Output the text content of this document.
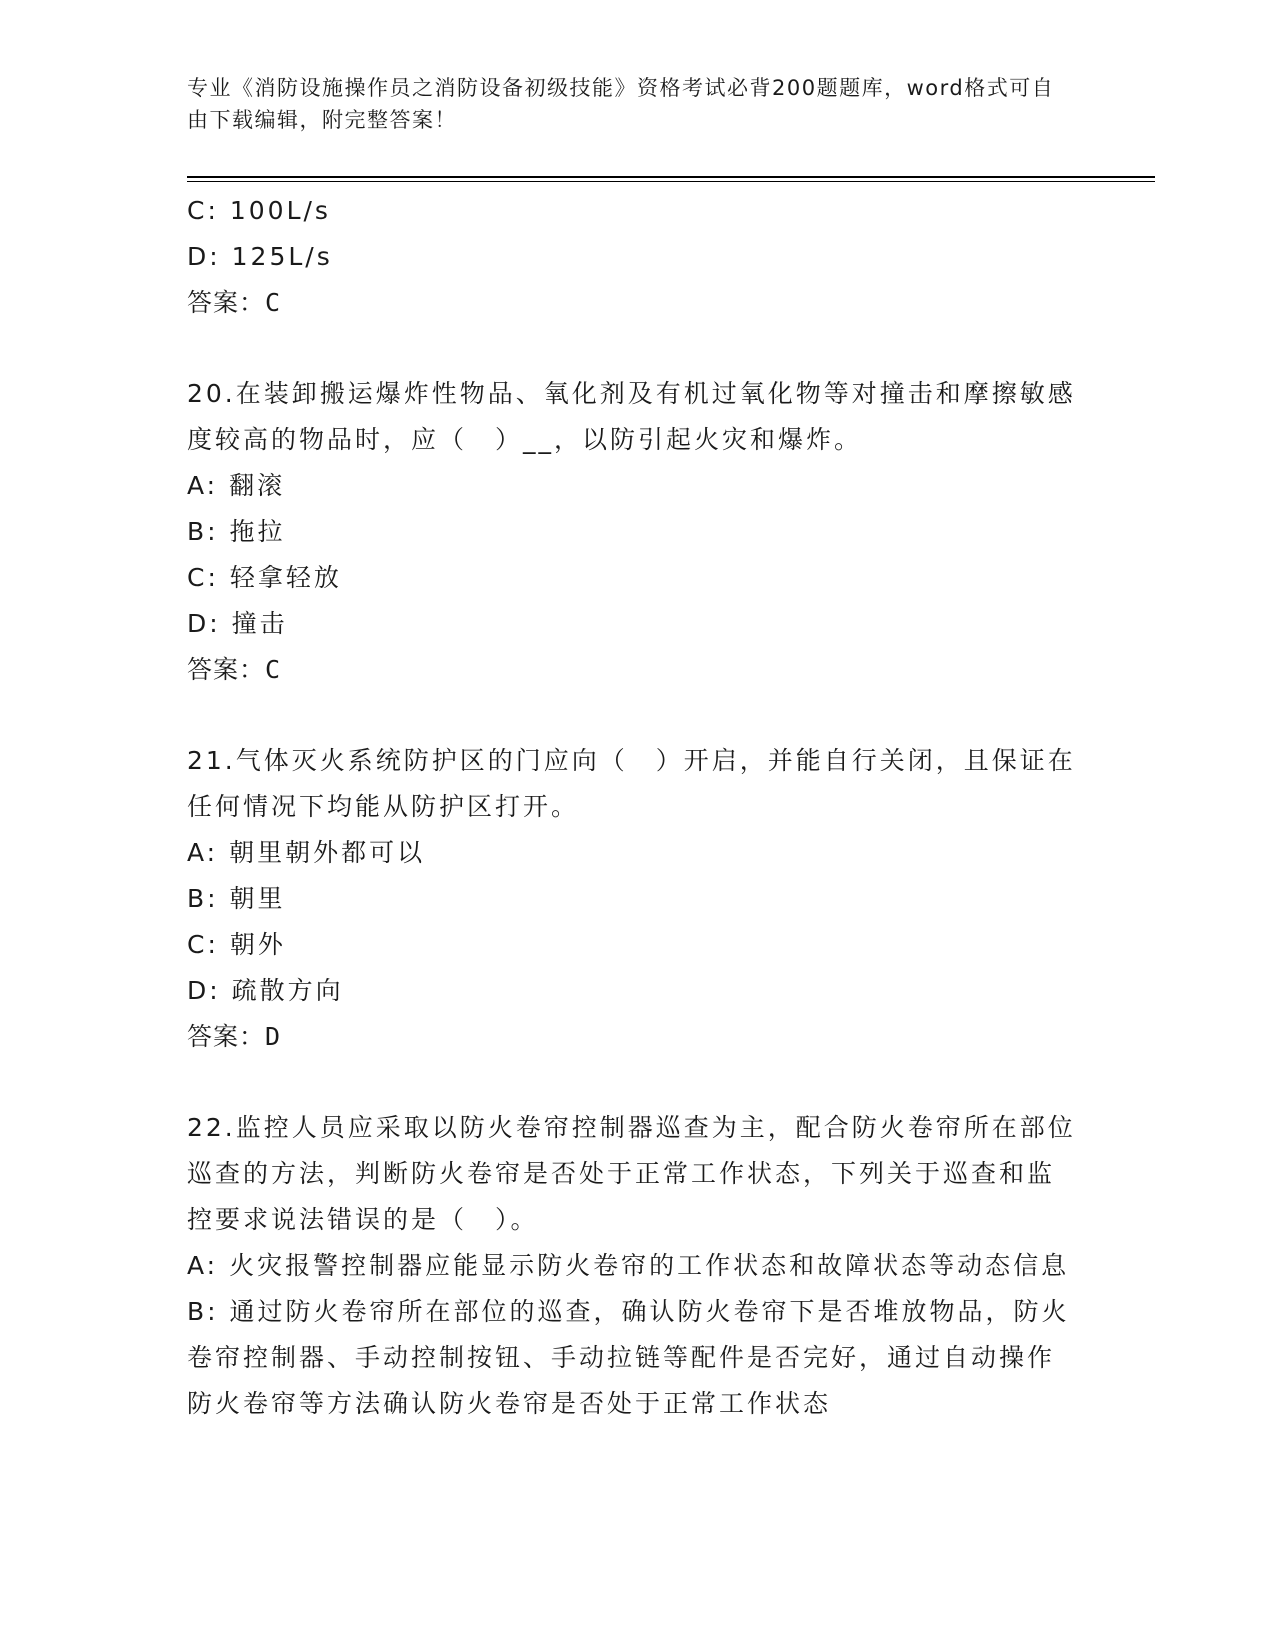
专业《消防设施操作员之消防设备初级技能》资格考试必背200题题库，word格式可自由下载编辑，附完整答案！
C: 100L/s
D: 125L/s
答案：C
20.在装卸搬运爆炸性物品、氧化剂及有机过氧化物等对撞击和摩擦敏感度较高的物品时，应（　）__，以防引起火灾和爆炸。
A: 翻滚
B: 拖拉
C: 轻拿轻放
D: 撞击
答案：C
21.气体灭火系统防护区的门应向（　）开启，并能自行关闭，且保证在任何情况下均能从防护区打开。
A: 朝里朝外都可以
B: 朝里
C: 朝外
D: 疏散方向
答案：D
22.监控人员应采取以防火卷帘控制器巡查为主，配合防火卷帘所在部位巡查的方法，判断防火卷帘是否处于正常工作状态，下列关于巡查和监控要求说法错误的是（　）。
A: 火灾报警控制器应能显示防火卷帘的工作状态和故障状态等动态信息
B: 通过防火卷帘所在部位的巡查，确认防火卷帘下是否堆放物品，防火卷帘控制器、手动控制按钮、手动拉链等配件是否完好，通过自动操作防火卷帘等方法确认防火卷帘是否处于正常工作状态
